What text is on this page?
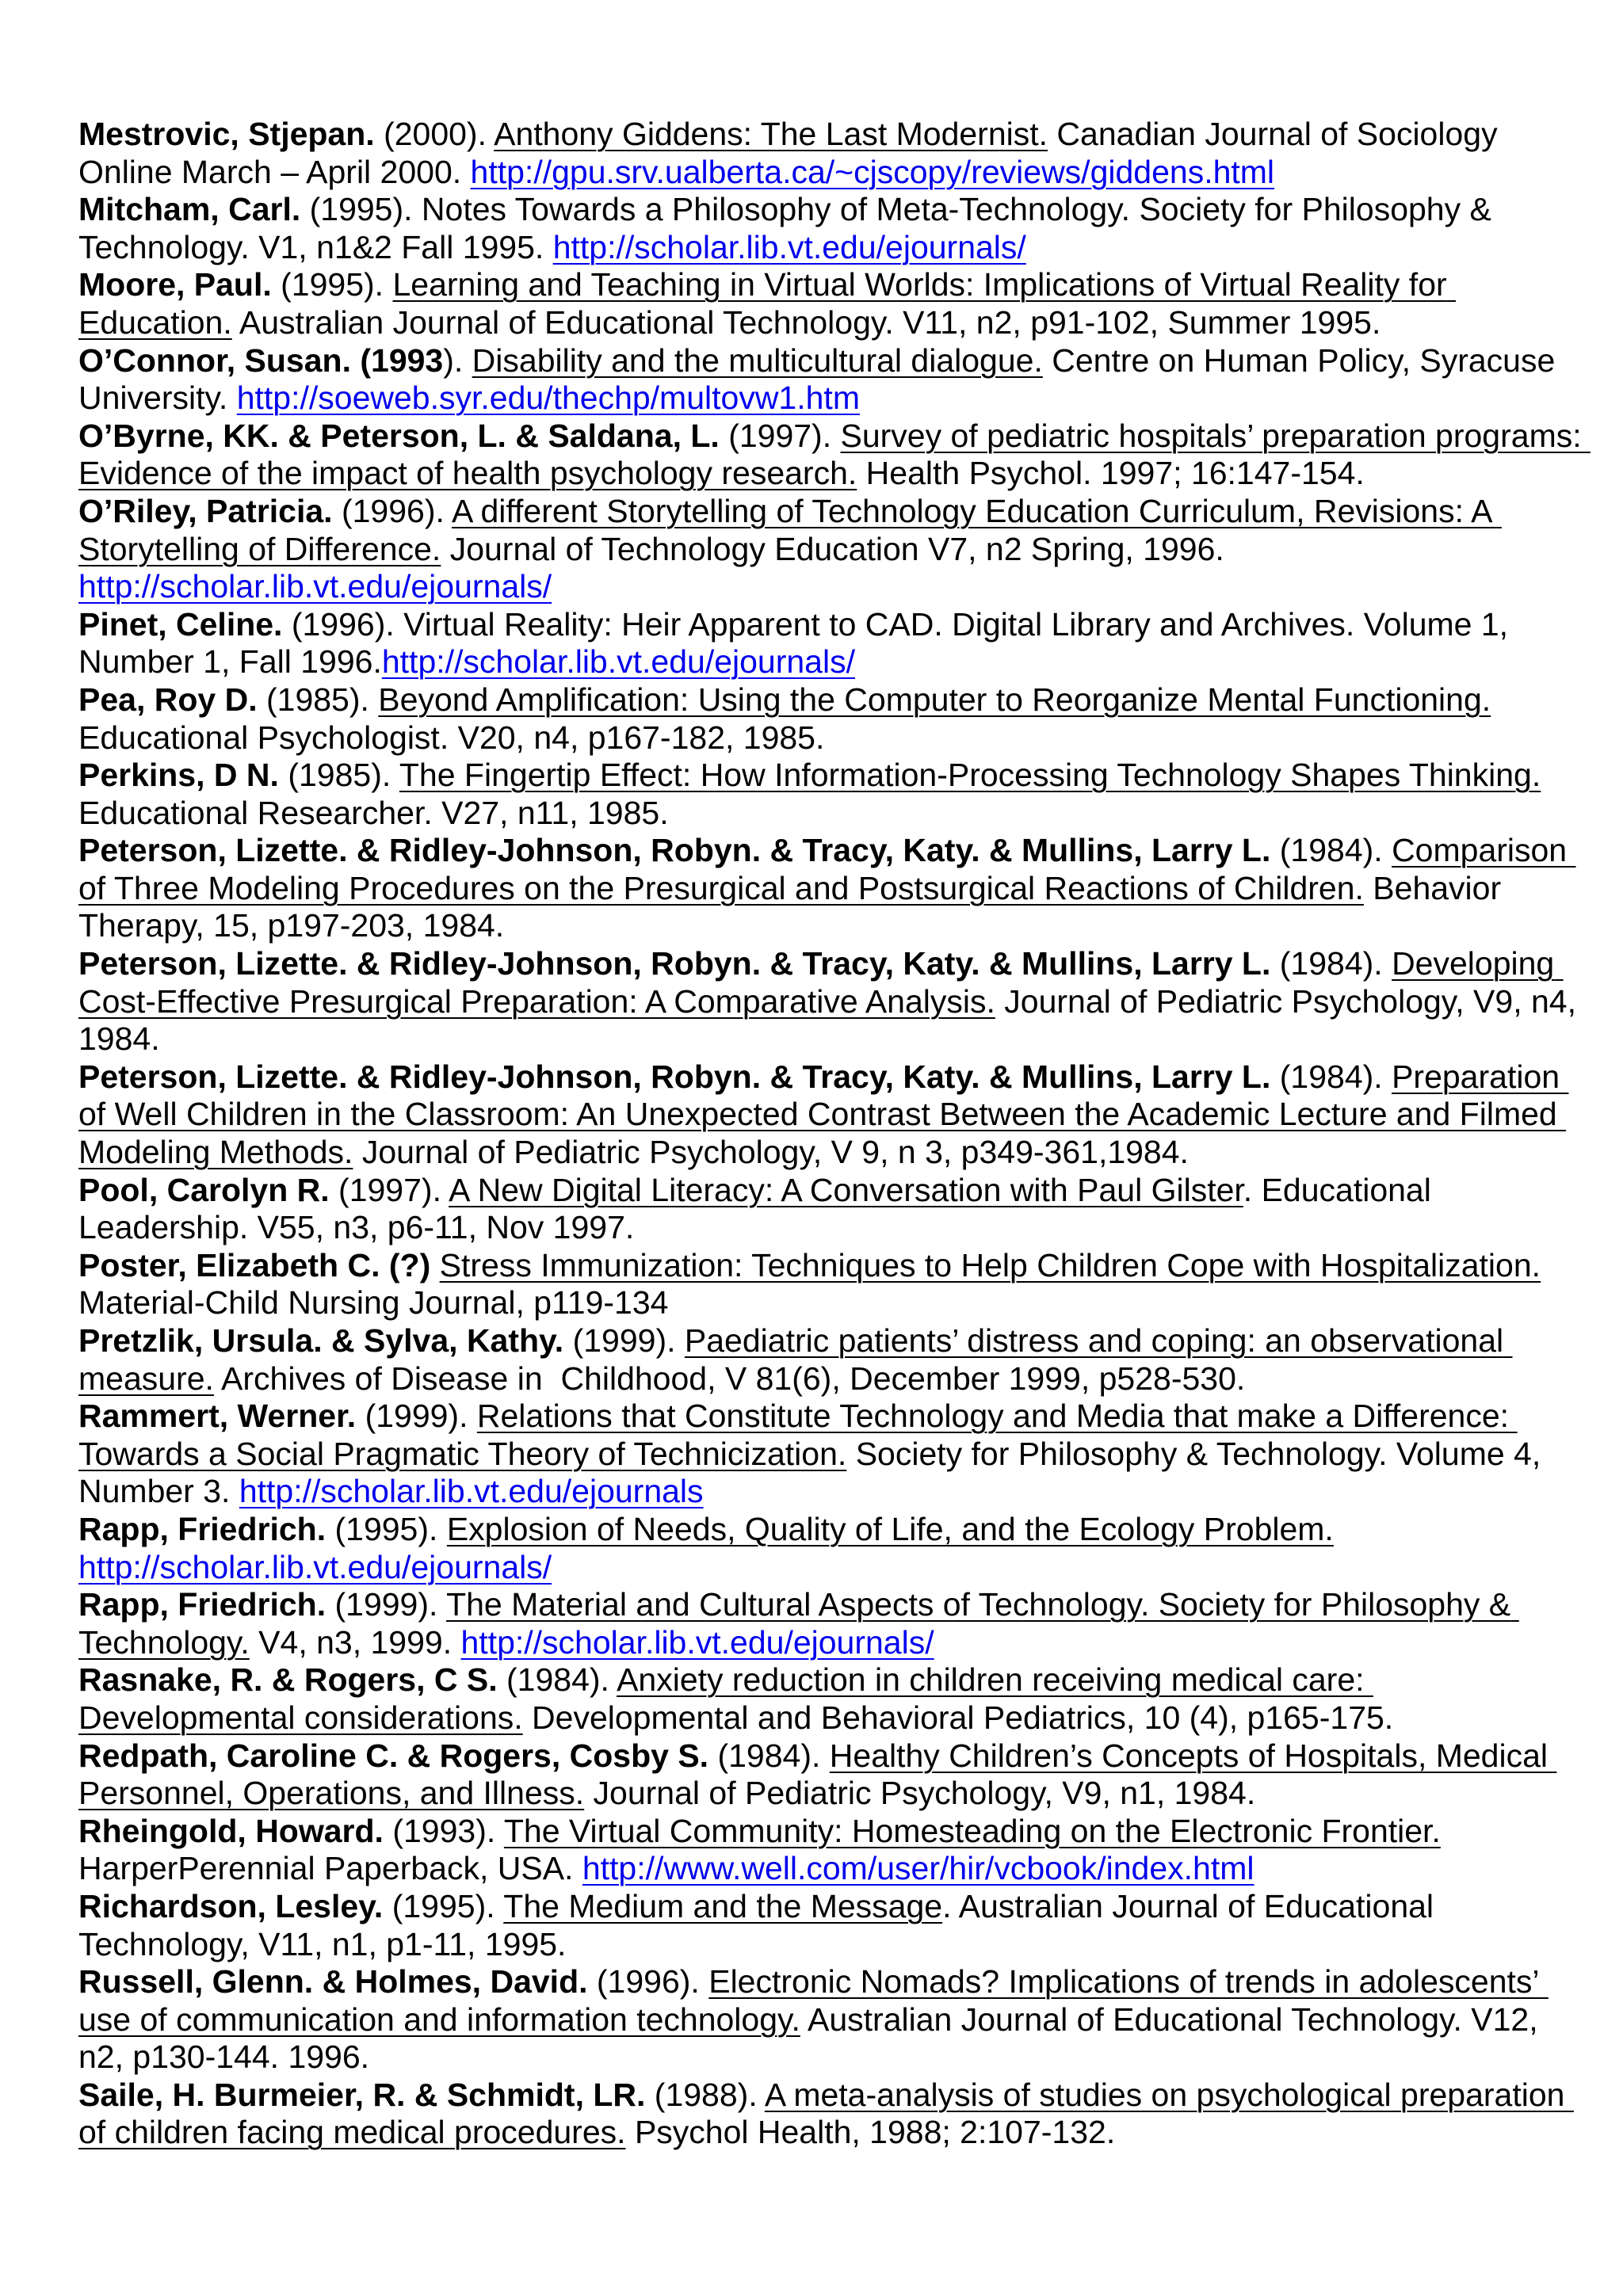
Mestrovic, Stjepan. (2000). Anthony Giddens: The Last Modernist. Canadian Journal of Sociology Online March – April 2000. http://gpu.srv.ualberta.ca/~cjscopy/reviews/giddens.html

Mitcham, Carl. (1995). Notes Towards a Philosophy of Meta-Technology. Society for Philosophy & Technology. V1, n1&2 Fall 1995. http://scholar.lib.vt.edu/ejournals/

Moore, Paul. (1995). Learning and Teaching in Virtual Worlds: Implications of Virtual Reality for Education. Australian Journal of Educational Technology. V11, n2, p91-102, Summer 1995.

O’Connor, Susan. (1993). Disability and the multicultural dialogue. Centre on Human Policy, Syracuse University. http://soeweb.syr.edu/thechp/multovw1.htm

O’Byrne, KK. & Peterson, L. & Saldana, L. (1997). Survey of pediatric hospitals’ preparation programs: Evidence of the impact of health psychology research. Health Psychol. 1997; 16:147-154.

O’Riley, Patricia. (1996). A different Storytelling of Technology Education Curriculum, Revisions: A Storytelling of Difference. Journal of Technology Education V7, n2 Spring, 1996. http://scholar.lib.vt.edu/ejournals/

Pinet, Celine. (1996). Virtual Reality: Heir Apparent to CAD. Digital Library and Archives. Volume 1, Number 1, Fall 1996.http://scholar.lib.vt.edu/ejournals/

Pea, Roy D. (1985). Beyond Amplification: Using the Computer to Reorganize Mental Functioning. Educational Psychologist. V20, n4, p167-182, 1985.

Perkins, D N. (1985). The Fingertip Effect: How Information-Processing Technology Shapes Thinking. Educational Researcher. V27, n11, 1985.

Peterson, Lizette. & Ridley-Johnson, Robyn. & Tracy, Katy. & Mullins, Larry L. (1984). Comparison of Three Modeling Procedures on the Presurgical and Postsurgical Reactions of Children. Behavior Therapy, 15, p197-203, 1984.

Peterson, Lizette. & Ridley-Johnson, Robyn. & Tracy, Katy. & Mullins, Larry L. (1984). Developing Cost-Effective Presurgical Preparation: A Comparative Analysis. Journal of Pediatric Psychology, V9, n4, 1984.

Peterson, Lizette. & Ridley-Johnson, Robyn. & Tracy, Katy. & Mullins, Larry L. (1984). Preparation of Well Children in the Classroom: An Unexpected Contrast Between the Academic Lecture and Filmed Modeling Methods. Journal of Pediatric Psychology, V 9, n 3, p349-361,1984.

Pool, Carolyn R. (1997). A New Digital Literacy: A Conversation with Paul Gilster. Educational Leadership. V55, n3, p6-11, Nov 1997.

Poster, Elizabeth C. (?) Stress Immunization: Techniques to Help Children Cope with Hospitalization. Material-Child Nursing Journal, p119-134

Pretzlik, Ursula. & Sylva, Kathy. (1999). Paediatric patients’ distress and coping: an observational measure. Archives of Disease in  Childhood, V 81(6), December 1999, p528-530.

Rammert, Werner. (1999). Relations that Constitute Technology and Media that make a Difference: Towards a Social Pragmatic Theory of Technicization. Society for Philosophy & Technology. Volume 4, Number 3. http://scholar.lib.vt.edu/ejournals

Rapp, Friedrich. (1995). Explosion of Needs, Quality of Life, and the Ecology Problem. http://scholar.lib.vt.edu/ejournals/

Rapp, Friedrich. (1999). The Material and Cultural Aspects of Technology. Society for Philosophy & Technology. V4, n3, 1999. http://scholar.lib.vt.edu/ejournals/

Rasnake, R. & Rogers, C S. (1984). Anxiety reduction in children receiving medical care: Developmental considerations. Developmental and Behavioral Pediatrics, 10 (4), p165-175.

Redpath, Caroline C. & Rogers, Cosby S. (1984). Healthy Children’s Concepts of Hospitals, Medical Personnel, Operations, and Illness. Journal of Pediatric Psychology, V9, n1, 1984.

Rheingold, Howard. (1993). The Virtual Community: Homesteading on the Electronic Frontier. HarperPerennial Paperback, USA. http://www.well.com/user/hir/vcbook/index.html

Richardson, Lesley. (1995). The Medium and the Message. Australian Journal of Educational Technology, V11, n1, p1-11, 1995.

Russell, Glenn. & Holmes, David. (1996). Electronic Nomads? Implications of trends in adolescents’ use of communication and information technology. Australian Journal of Educational Technology. V12, n2, p130-144. 1996.

Saile, H. Burmeier, R. & Schmidt, LR. (1988). A meta-analysis of studies on psychological preparation of children facing medical procedures. Psychol Health, 1988; 2:107-132.
